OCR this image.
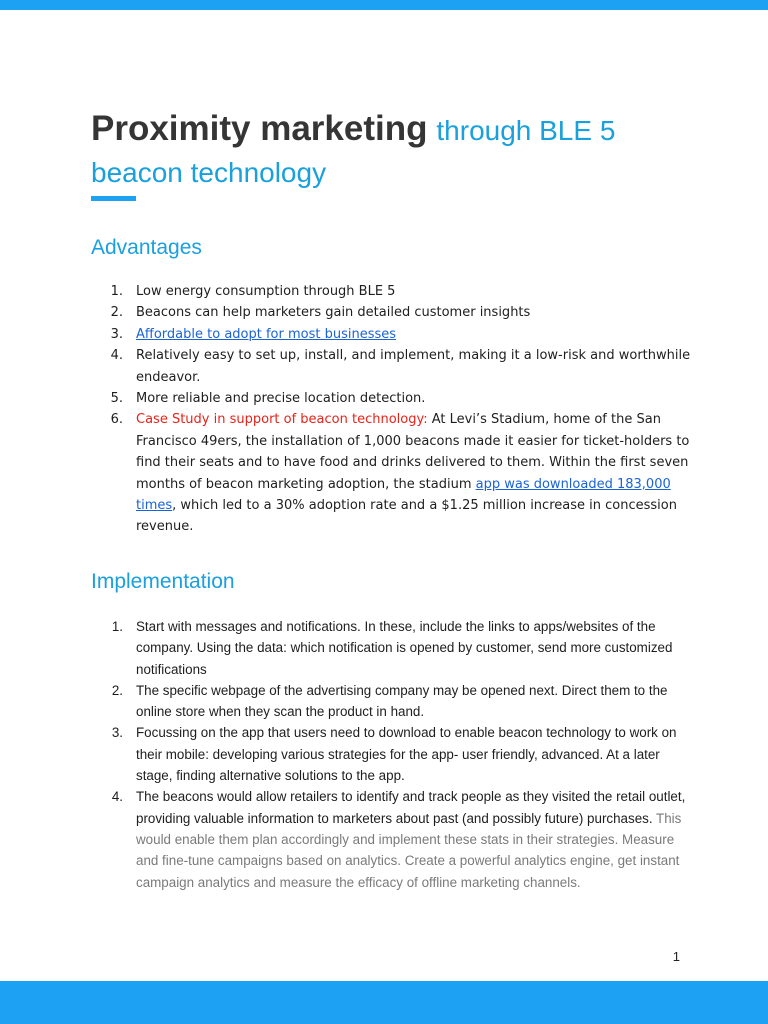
Proximity marketing through BLE 5 beacon technology
Advantages
1. Low energy consumption through BLE 5
2. Beacons can help marketers gain detailed customer insights
3. Affordable to adopt for most businesses
4. Relatively easy to set up, install, and implement, making it a low-risk and worthwhile endeavor.
5. More reliable and precise location detection.
6. Case Study in support of beacon technology: At Levi’s Stadium, home of the San Francisco 49ers, the installation of 1,000 beacons made it easier for ticket-holders to find their seats and to have food and drinks delivered to them. Within the first seven months of beacon marketing adoption, the stadium app was downloaded 183,000 times, which led to a 30% adoption rate and a $1.25 million increase in concession revenue.
Implementation
1. Start with messages and notifications. In these, include the links to apps/websites of the company. Using the data: which notification is opened by customer, send more customized notifications
2. The specific webpage of the advertising company may be opened next. Direct them to the online store when they scan the product in hand.
3. Focussing on the app that users need to download to enable beacon technology to work on their mobile: developing various strategies for the app- user friendly, advanced. At a later stage, finding alternative solutions to the app.
4. The beacons would allow retailers to identify and track people as they visited the retail outlet, providing valuable information to marketers about past (and possibly future) purchases. This would enable them plan accordingly and implement these stats in their strategies. Measure and fine-tune campaigns based on analytics. Create a powerful analytics engine, get instant campaign analytics and measure the efficacy of offline marketing channels.
1
